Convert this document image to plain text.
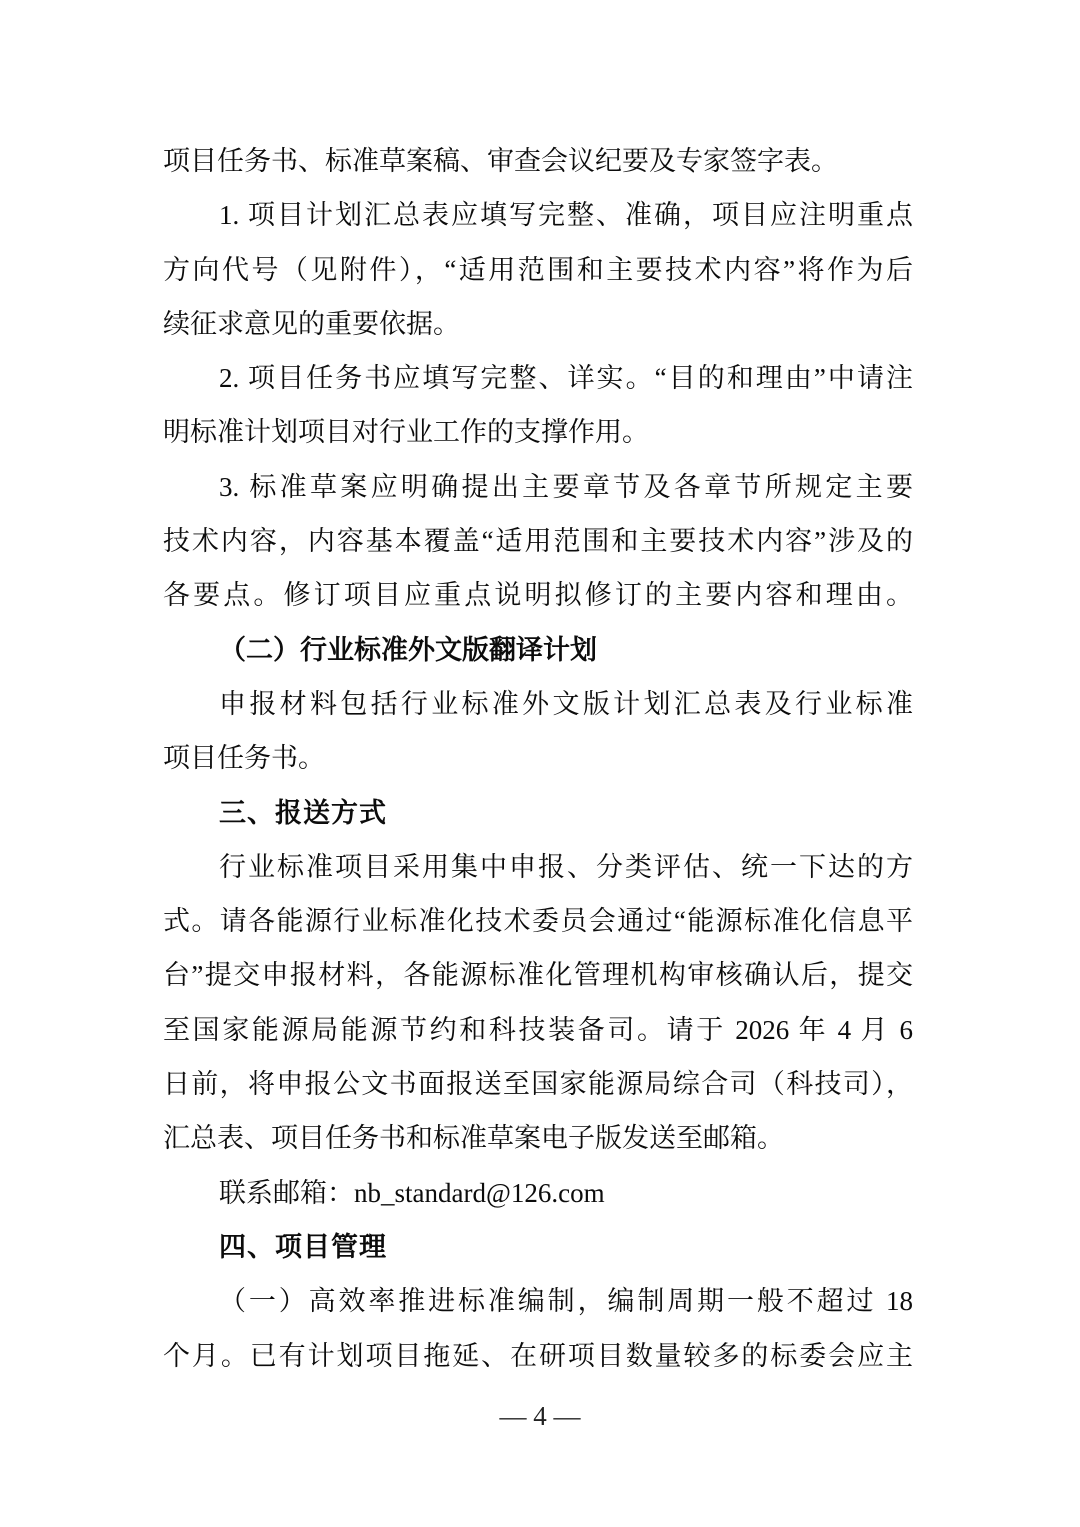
项目任务书、标准草案稿、审查会议纪要及专家签字表。
1. 项目计划汇总表应填写完整、准确，项目应注明重点
方向代号（见附件），“适用范围和主要技术内容”将作为后
续征求意见的重要依据。
2. 项目任务书应填写完整、详实。“目的和理由”中请注
明标准计划项目对行业工作的支撑作用。
3. 标准草案应明确提出主要章节及各章节所规定主要
技术内容，内容基本覆盖“适用范围和主要技术内容”涉及的
各要点。修订项目应重点说明拟修订的主要内容和理由。
（二）行业标准外文版翻译计划
申报材料包括行业标准外文版计划汇总表及行业标准
项目任务书。
三、报送方式
行业标准项目采用集中申报、分类评估、统一下达的方
式。请各能源行业标准化技术委员会通过“能源标准化信息平
台”提交申报材料，各能源标准化管理机构审核确认后，提交
至国家能源局能源节约和科技装备司。请于 2026 年 4 月 6
日前，将申报公文书面报送至国家能源局综合司（科技司），
汇总表、项目任务书和标准草案电子版发送至邮箱。
联系邮箱：nb_standard@126.com
四、项目管理
（一）高效率推进标准编制，编制周期一般不超过 18
个月。已有计划项目拖延、在研项目数量较多的标委会应主
— 4 —
